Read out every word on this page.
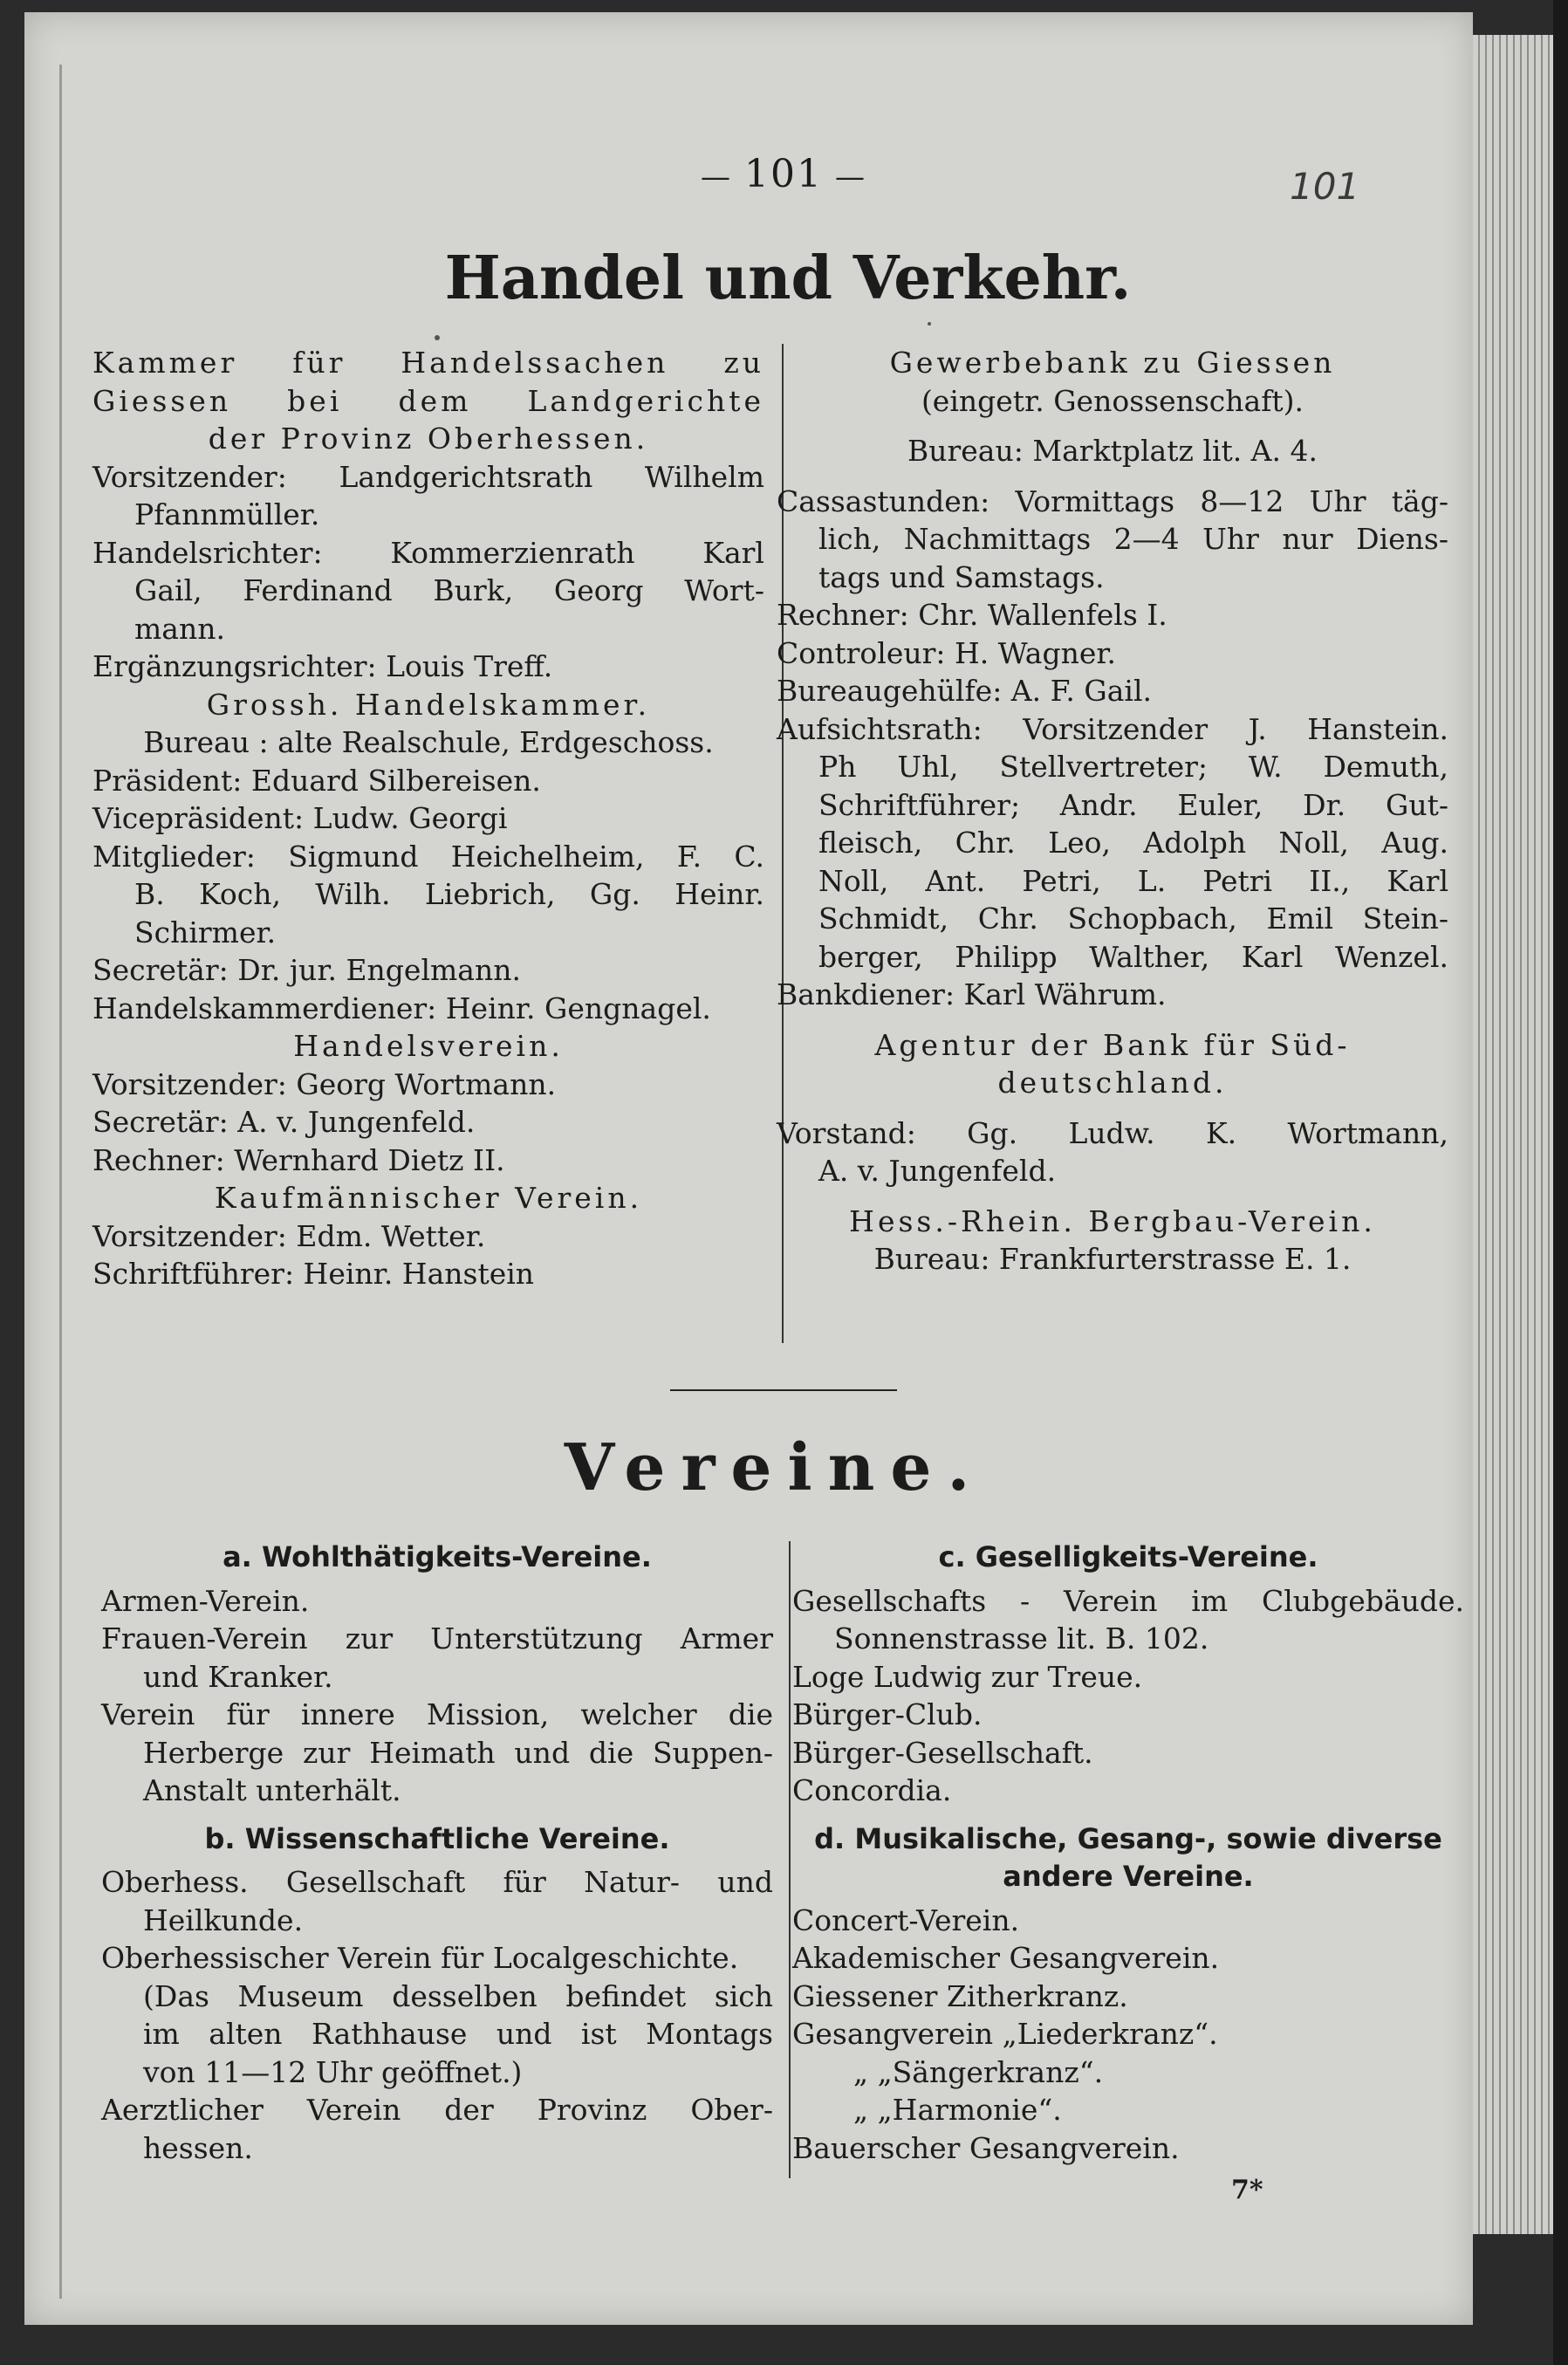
— 101 —	101
Handel und Verkehr.
Kammer für Handelssachen zu
Giessen bei dem Landgerichte
der Provinz Oberhessen.
Vorsitzender: Landgerichtsrath Wilhelm
Pfannmüller.
Handelsrichter: Kommerzienrath Karl
Gail, Ferdinand Burk, Georg Wort-
mann.
Ergänzungsrichter: Louis Treff.
Grossh. Handelskammer.
Bureau : alte Realschule, Erdgeschoss.
Präsident: Eduard Silbereisen.
Vicepräsident: Ludw. Georgi
Mitglieder: Sigmund Heichelheim, F. C.
B. Koch, Wilh. Liebrich, Gg. Heinr.
Schirmer.
Secretär: Dr. jur. Engelmann.
Handelskammerdiener: Heinr. Gengnagel.
Handelsverein.
Vorsitzender: Georg Wortmann.
Secretär: A. v. Jungenfeld.
Rechner: Wernhard Dietz II.
Kaufmännischer Verein.
Vorsitzender: Edm. Wetter.
Schriftführer: Heinr. Hanstein
Gewerbebank zu Giessen
(eingetr. Genossenschaft).
Bureau: Marktplatz lit. A. 4.
Cassastunden: Vormittags 8—12 Uhr täg-
lich, Nachmittags 2—4 Uhr nur Diens-
tags und Samstags.
Rechner: Chr. Wallenfels I.
Controleur: H. Wagner.
Bureaugehülfe: A. F. Gail.
Aufsichtsrath: Vorsitzender J. Hanstein.
Ph Uhl, Stellvertreter; W. Demuth,
Schriftführer; Andr. Euler, Dr. Gut-
fleisch, Chr. Leo, Adolph Noll, Aug.
Noll, Ant. Petri, L. Petri II., Karl
Schmidt, Chr. Schopbach, Emil Stein-
berger, Philipp Walther, Karl Wenzel.
Bankdiener: Karl Währum.
Agentur der Bank für Süd-
deutschland.
Vorstand: Gg. Ludw. K. Wortmann,
A. v. Jungenfeld.
Hess.-Rhein. Bergbau-Verein.
Bureau: Frankfurterstrasse E. 1.
Vereine.
a. Wohlthätigkeits-Vereine.
Armen-Verein.
Frauen-Verein zur Unterstützung Armer
und Kranker.
Verein für innere Mission, welcher die
Herberge zur Heimath und die Suppen-
Anstalt unterhält.
b. Wissenschaftliche Vereine.
Oberhess. Gesellschaft für Natur- und
Heilkunde.
Oberhessischer Verein für Localgeschichte.
(Das Museum desselben befindet sich
im alten Rathhause und ist Montags
von 11—12 Uhr geöffnet.)
Aerztlicher Verein der Provinz Ober-
hessen.
c. Geselligkeits-Vereine.
Gesellschafts - Verein im Clubgebäude.
Sonnenstrasse lit. B. 102.
Loge Ludwig zur Treue.
Bürger-Club.
Bürger-Gesellschaft.
Concordia.
d. Musikalische, Gesang-, sowie diverse
andere Vereine.
Concert-Verein.
Akademischer Gesangverein.
Giessener Zitherkranz.
Gesangverein „Liederkranz“.
„ „Sängerkranz“.
„ „Harmonie“.
Bauerscher Gesangverein.
7*
